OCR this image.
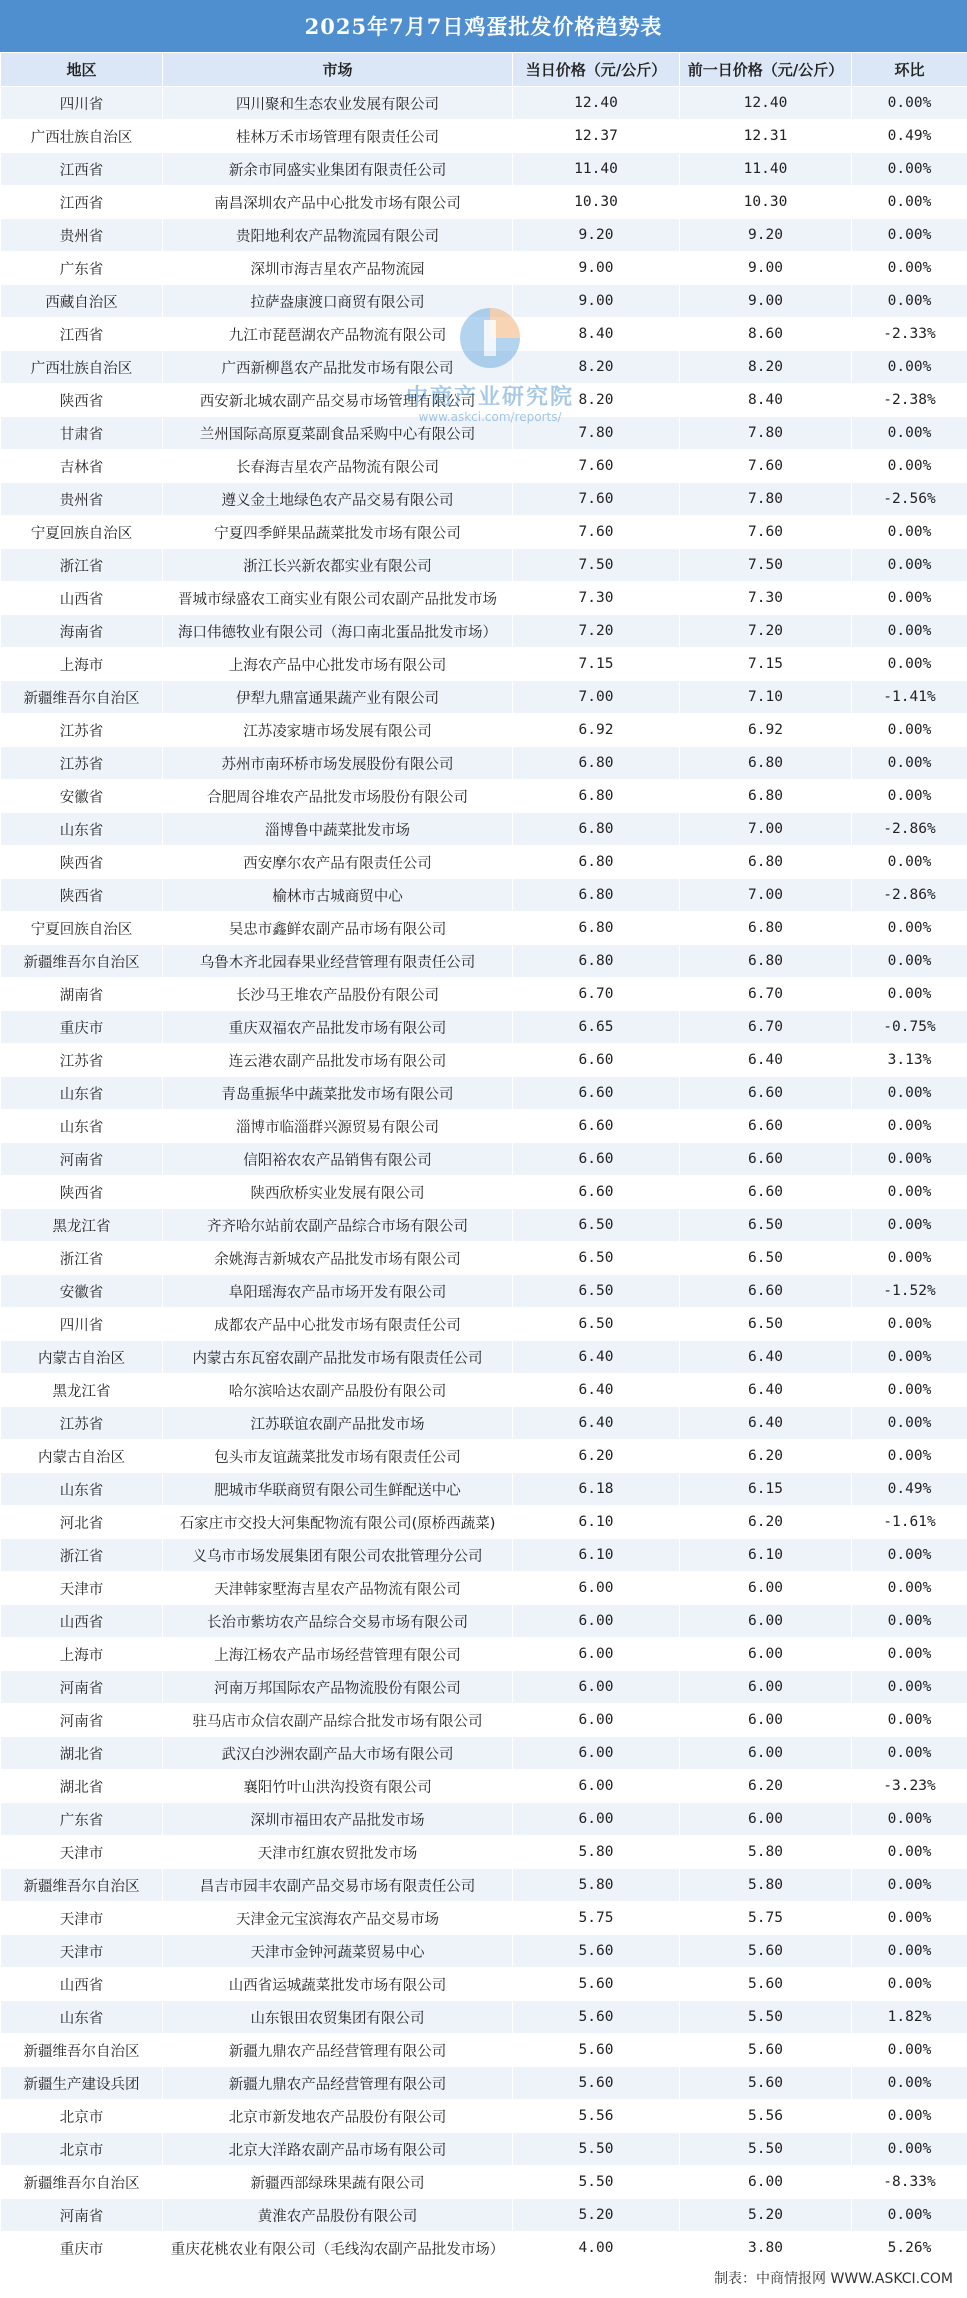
2025年7月7日鸡蛋批发价格趋势表
地区	市场	当日价格（元/公斤）	前一日价格（元/公斤）	环比
四川省	四川聚和生态农业发展有限公司	12.40	12.40	0.00%
广西壮族自治区	桂林万禾市场管理有限责任公司	12.37	12.31	0.49%
江西省	新余市同盛实业集团有限责任公司	11.40	11.40	0.00%
江西省	南昌深圳农产品中心批发市场有限公司	10.30	10.30	0.00%
贵州省	贵阳地利农产品物流园有限公司	9.20	9.20	0.00%
广东省	深圳市海吉星农产品物流园	9.00	9.00	0.00%
西藏自治区	拉萨盎康渡口商贸有限公司	9.00	9.00	0.00%
江西省	九江市琵琶湖农产品物流有限公司	8.40	8.60	-2.33%
广西壮族自治区	广西新柳邕农产品批发市场有限公司	8.20	8.20	0.00%
陕西省	西安新北城农副产品交易市场管理有限公司	8.20	8.40	-2.38%
甘肃省	兰州国际高原夏菜副食品采购中心有限公司	7.80	7.80	0.00%
吉林省	长春海吉星农产品物流有限公司	7.60	7.60	0.00%
贵州省	遵义金土地绿色农产品交易有限公司	7.60	7.80	-2.56%
宁夏回族自治区	宁夏四季鲜果品蔬菜批发市场有限公司	7.60	7.60	0.00%
浙江省	浙江长兴新农都实业有限公司	7.50	7.50	0.00%
山西省	晋城市绿盛农工商实业有限公司农副产品批发市场	7.30	7.30	0.00%
海南省	海口伟德牧业有限公司（海口南北蛋品批发市场）	7.20	7.20	0.00%
上海市	上海农产品中心批发市场有限公司	7.15	7.15	0.00%
新疆维吾尔自治区	伊犁九鼎富通果蔬产业有限公司	7.00	7.10	-1.41%
江苏省	江苏凌家塘市场发展有限公司	6.92	6.92	0.00%
江苏省	苏州市南环桥市场发展股份有限公司	6.80	6.80	0.00%
安徽省	合肥周谷堆农产品批发市场股份有限公司	6.80	6.80	0.00%
山东省	淄博鲁中蔬菜批发市场	6.80	7.00	-2.86%
陕西省	西安摩尔农产品有限责任公司	6.80	6.80	0.00%
陕西省	榆林市古城商贸中心	6.80	7.00	-2.86%
宁夏回族自治区	吴忠市鑫鲜农副产品市场有限公司	6.80	6.80	0.00%
新疆维吾尔自治区	乌鲁木齐北园春果业经营管理有限责任公司	6.80	6.80	0.00%
湖南省	长沙马王堆农产品股份有限公司	6.70	6.70	0.00%
重庆市	重庆双福农产品批发市场有限公司	6.65	6.70	-0.75%
江苏省	连云港农副产品批发市场有限公司	6.60	6.40	3.13%
山东省	青岛重振华中蔬菜批发市场有限公司	6.60	6.60	0.00%
山东省	淄博市临淄群兴源贸易有限公司	6.60	6.60	0.00%
河南省	信阳裕农农产品销售有限公司	6.60	6.60	0.00%
陕西省	陕西欣桥实业发展有限公司	6.60	6.60	0.00%
黑龙江省	齐齐哈尔站前农副产品综合市场有限公司	6.50	6.50	0.00%
浙江省	余姚海吉新城农产品批发市场有限公司	6.50	6.50	0.00%
安徽省	阜阳瑶海农产品市场开发有限公司	6.50	6.60	-1.52%
四川省	成都农产品中心批发市场有限责任公司	6.50	6.50	0.00%
内蒙古自治区	内蒙古东瓦窑农副产品批发市场有限责任公司	6.40	6.40	0.00%
黑龙江省	哈尔滨哈达农副产品股份有限公司	6.40	6.40	0.00%
江苏省	江苏联谊农副产品批发市场	6.40	6.40	0.00%
内蒙古自治区	包头市友谊蔬菜批发市场有限责任公司	6.20	6.20	0.00%
山东省	肥城市华联商贸有限公司生鲜配送中心	6.18	6.15	0.49%
河北省	石家庄市交投大河集配物流有限公司(原桥西蔬菜)	6.10	6.20	-1.61%
浙江省	义乌市市场发展集团有限公司农批管理分公司	6.10	6.10	0.00%
天津市	天津韩家墅海吉星农产品物流有限公司	6.00	6.00	0.00%
山西省	长治市紫坊农产品综合交易市场有限公司	6.00	6.00	0.00%
上海市	上海江杨农产品市场经营管理有限公司	6.00	6.00	0.00%
河南省	河南万邦国际农产品物流股份有限公司	6.00	6.00	0.00%
河南省	驻马店市众信农副产品综合批发市场有限公司	6.00	6.00	0.00%
湖北省	武汉白沙洲农副产品大市场有限公司	6.00	6.00	0.00%
湖北省	襄阳竹叶山洪沟投资有限公司	6.00	6.20	-3.23%
广东省	深圳市福田农产品批发市场	6.00	6.00	0.00%
天津市	天津市红旗农贸批发市场	5.80	5.80	0.00%
新疆维吾尔自治区	昌吉市园丰农副产品交易市场有限责任公司	5.80	5.80	0.00%
天津市	天津金元宝滨海农产品交易市场	5.75	5.75	0.00%
天津市	天津市金钟河蔬菜贸易中心	5.60	5.60	0.00%
山西省	山西省运城蔬菜批发市场有限公司	5.60	5.60	0.00%
山东省	山东银田农贸集团有限公司	5.60	5.50	1.82%
新疆维吾尔自治区	新疆九鼎农产品经营管理有限公司	5.60	5.60	0.00%
新疆生产建设兵团	新疆九鼎农产品经营管理有限公司	5.60	5.60	0.00%
北京市	北京市新发地农产品股份有限公司	5.56	5.56	0.00%
北京市	北京大洋路农副产品市场有限公司	5.50	5.50	0.00%
新疆维吾尔自治区	新疆西部绿珠果蔬有限公司	5.50	6.00	-8.33%
河南省	黄淮农产品股份有限公司	5.20	5.20	0.00%
重庆市	重庆花桃农业有限公司（毛线沟农副产品批发市场）	4.00	3.80	5.26%
中商产业研究院
www.askci.com/reports/
制表：中商情报网 WWW.ASKCI.COM
